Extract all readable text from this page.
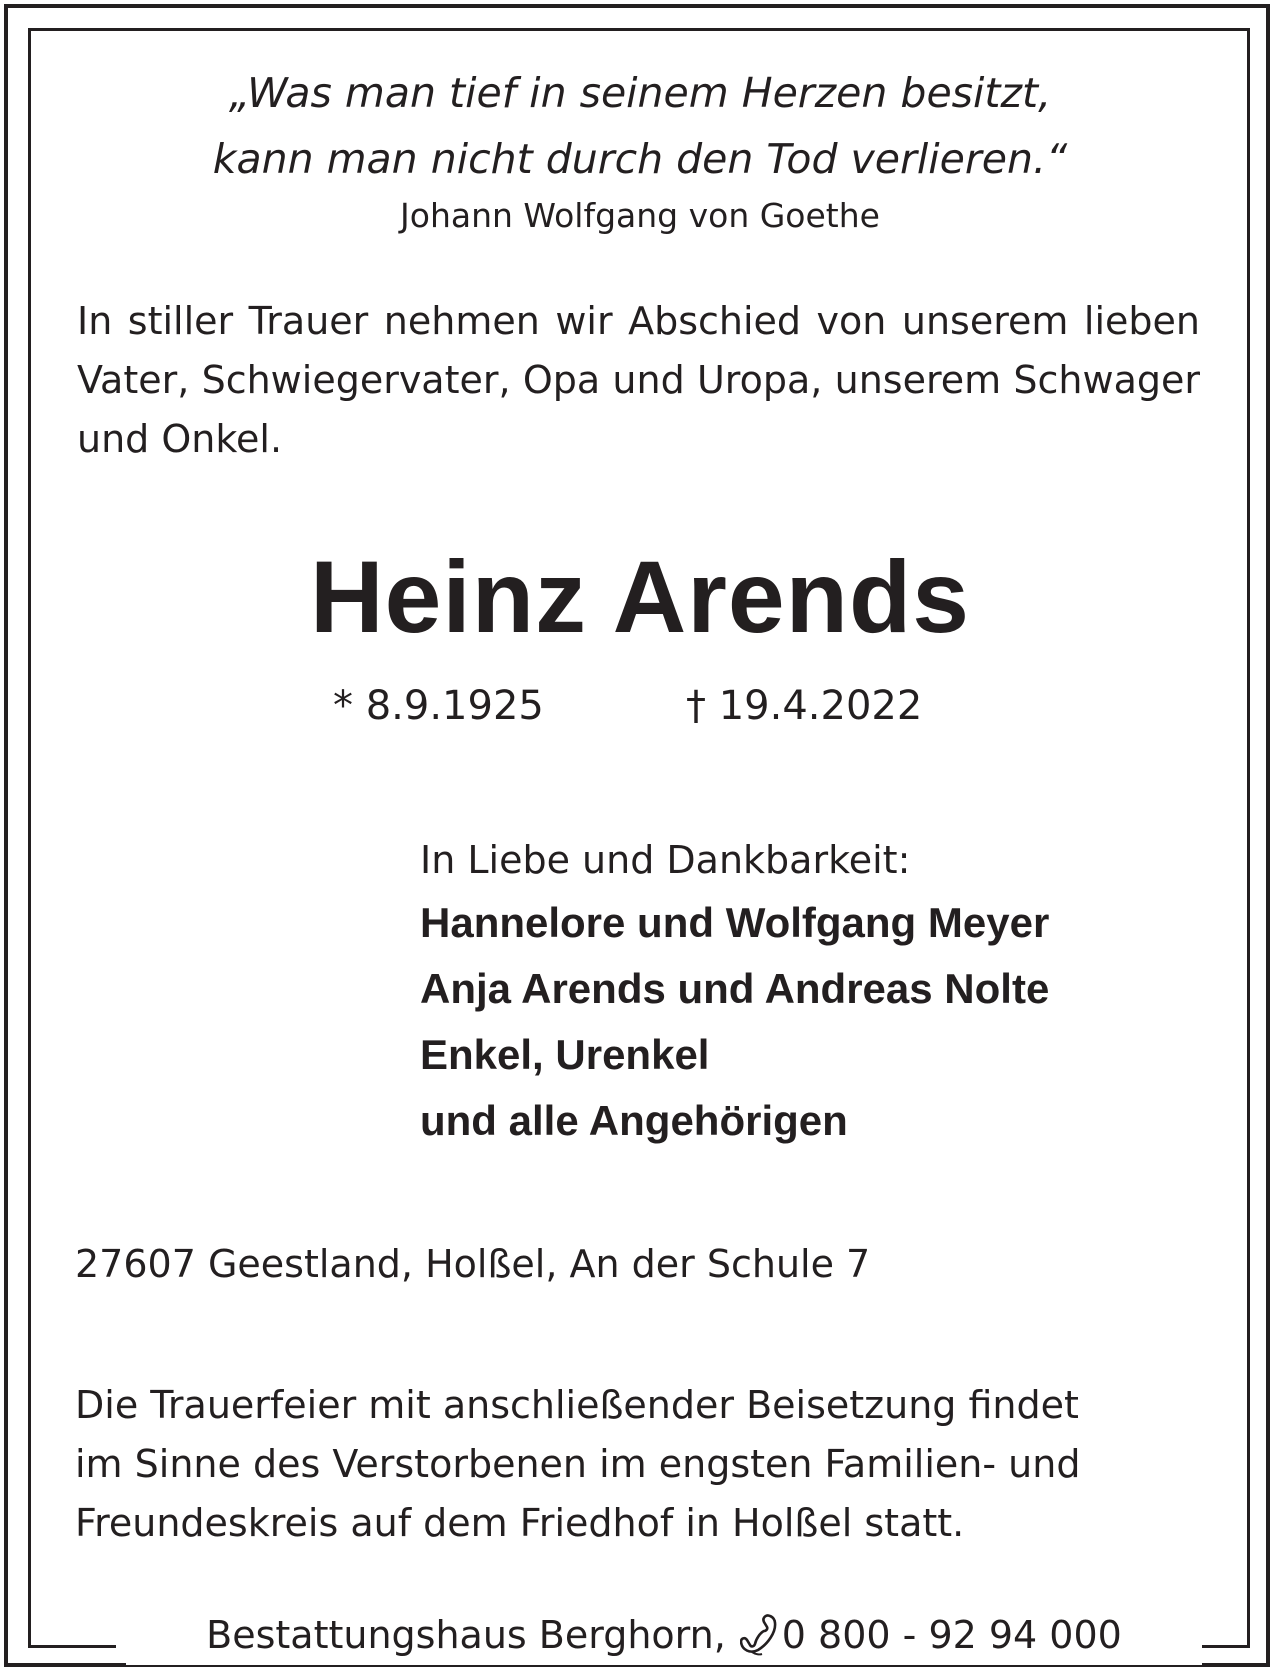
„Was man tief in seinem Herzen besitzt,
kann man nicht durch den Tod verlieren.“
Johann Wolfgang von Goethe
In stiller Trauer nehmen wir Abschied von unserem lieben Vater, Schwiegervater, Opa und Uropa, unserem Schwager und Onkel.
Heinz Arends
* 8.9.1925	† 19.4.2022
In Liebe und Dankbarkeit:
Hannelore und Wolfgang Meyer
Anja Arends und Andreas Nolte
Enkel, Urenkel
und alle Angehörigen
27607 Geestland, Holßel, An der Schule 7
Die Trauerfeier mit anschließender Beisetzung findet
im Sinne des Verstorbenen im engsten Familien- und
Freundeskreis auf dem Friedhof in Holßel statt.
Bestattungshaus Berghorn, 0 800 - 92 94 000
